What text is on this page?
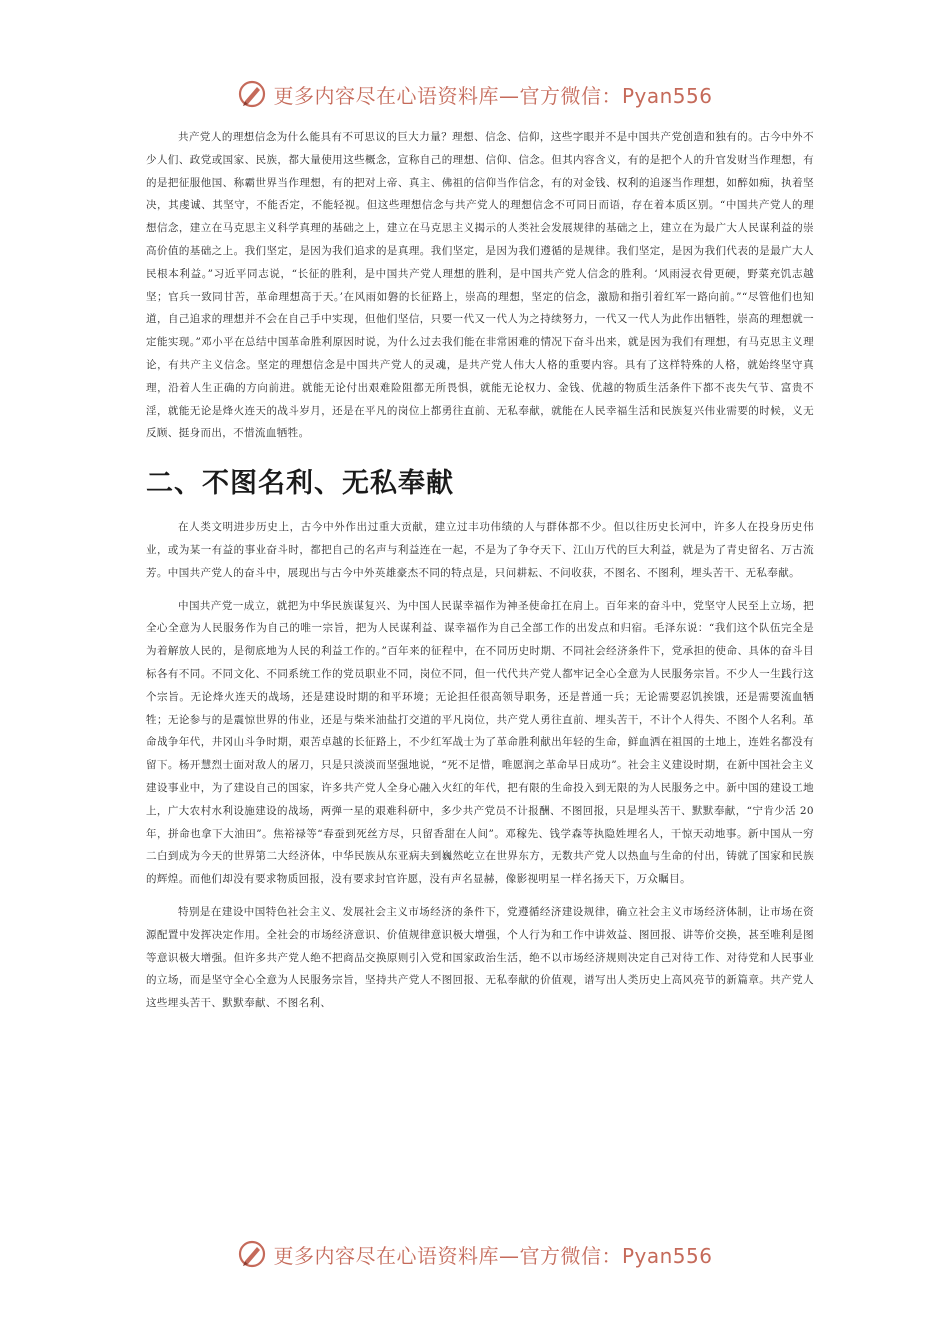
更多内容尽在心语资料库—官方微信：Pyan556

共产党人的理想信念为什么能具有不可思议的巨大力量？理想、信念、信仰，这些字眼并不是中国共产党创造和独有的。古今中外不少人们、政党或国家、民族，都大量使用这些概念，宣称自己的理想、信仰、信念。但其内容含义，有的是把个人的升官发财当作理想，有的是把征服他国、称霸世界当作理想，有的把对上帝、真主、佛祖的信仰当作信念，有的对金钱、权利的追逐当作理想，如醉如痴，执着坚决，其虔诚、其坚守，不能否定，不能轻视。但这些理想信念与共产党人的理想信念不可同日而语，存在着本质区别。“中国共产党人的理想信念，建立在马克思主义科学真理的基础之上，建立在马克思主义揭示的人类社会发展规律的基础之上，建立在为最广大人民谋利益的崇高价值的基础之上。我们坚定，是因为我们追求的是真理。我们坚定，是因为我们遵循的是规律。我们坚定，是因为我们代表的是最广大人民根本利益。”习近平同志说，“长征的胜利，是中国共产党人理想的胜利，是中国共产党人信念的胜利。‘风雨浸衣骨更硬，野菜充饥志越坚；官兵一致同甘苦，革命理想高于天。’在风雨如磐的长征路上，崇高的理想，坚定的信念，激励和指引着红军一路向前。”“尽管他们也知道，自己追求的理想并不会在自己手中实现，但他们坚信，只要一代又一代人为之持续努力，一代又一代人为此作出牺牲，崇高的理想就一定能实现。”邓小平在总结中国革命胜利原因时说，为什么过去我们能在非常困难的情况下奋斗出来，就是因为我们有理想，有马克思主义理论，有共产主义信念。坚定的理想信念是中国共产党人的灵魂，是共产党人伟大人格的重要内容。具有了这样特殊的人格，就始终坚守真理，沿着人生正确的方向前进。就能无论付出艰难险阻都无所畏惧，就能无论权力、金钱、优越的物质生活条件下都不丧失气节、富贵不淫，就能无论是烽火连天的战斗岁月，还是在平凡的岗位上都勇往直前、无私奉献，就能在人民幸福生活和民族复兴伟业需要的时候，义无反顾、挺身而出，不惜流血牺牲。

二、不图名利、无私奉献

在人类文明进步历史上，古今中外作出过重大贡献，建立过丰功伟绩的人与群体都不少。但以往历史长河中，许多人在投身历史伟业，或为某一有益的事业奋斗时，都把自己的名声与利益连在一起，不是为了争夺天下、江山万代的巨大利益，就是为了青史留名、万古流芳。中国共产党人的奋斗中，展现出与古今中外英雄豪杰不同的特点是，只问耕耘、不问收获，不图名、不图利，埋头苦干、无私奉献。

中国共产党一成立，就把为中华民族谋复兴、为中国人民谋幸福作为神圣使命扛在肩上。百年来的奋斗中，党坚守人民至上立场，把全心全意为人民服务作为自己的唯一宗旨，把为人民谋利益、谋幸福作为自己全部工作的出发点和归宿。毛泽东说：“我们这个队伍完全是为着解放人民的，是彻底地为人民的利益工作的。”百年来的征程中，在不同历史时期、不同社会经济条件下，党承担的使命、具体的奋斗目标各有不同。不同文化、不同系统工作的党员职业不同，岗位不同，但一代代共产党人都牢记全心全意为人民服务宗旨。不少人一生践行这个宗旨。无论烽火连天的战场，还是建设时期的和平环境；无论担任很高领导职务，还是普通一兵；无论需要忍饥挨饿，还是需要流血牺牲；无论参与的是震惊世界的伟业，还是与柴米油盐打交道的平凡岗位，共产党人勇往直前、埋头苦干，不计个人得失、不图个人名利。革命战争年代，井冈山斗争时期，艰苦卓越的长征路上，不少红军战士为了革命胜利献出年轻的生命，鲜血洒在祖国的土地上，连姓名都没有留下。杨开慧烈士面对敌人的屠刀，只是只淡淡而坚强地说，“死不足惜，唯愿润之革命早日成功”。社会主义建设时期，在新中国社会主义建设事业中，为了建设自己的国家，许多共产党人全身心融入火红的年代，把有限的生命投入到无限的为人民服务之中。新中国的建设工地上，广大农村水利设施建设的战场，两弹一星的艰难科研中，多少共产党员不计报酬、不图回报，只是埋头苦干、默默奉献，“宁肯少活 20 年，拼命也拿下大油田”。焦裕禄等“春蚕到死丝方尽，只留香甜在人间”。邓稼先、钱学森等执隐姓埋名人，干惊天动地事。新中国从一穷二白到成为今天的世界第二大经济体，中华民族从东亚病夫到巍然屹立在世界东方，无数共产党人以热血与生命的付出，铸就了国家和民族的辉煌。而他们却没有要求物质回报，没有要求封官许愿，没有声名显赫，像影视明星一样名扬天下，万众瞩目。

特别是在建设中国特色社会主义、发展社会主义市场经济的条件下，党遵循经济建设规律，确立社会主义市场经济体制，让市场在资源配置中发挥决定作用。全社会的市场经济意识、价值规律意识极大增强，个人行为和工作中讲效益、图回报、讲等价交换，甚至唯利是图等意识极大增强。但许多共产党人绝不把商品交换原则引入党和国家政治生活，绝不以市场经济规则决定自己对待工作、对待党和人民事业的立场，而是坚守全心全意为人民服务宗旨，坚持共产党人不图回报、无私奉献的价值观，谱写出人类历史上高风亮节的新篇章。共产党人这些埋头苦干、默默奉献、不图名利、

更多内容尽在心语资料库—官方微信：Pyan556
